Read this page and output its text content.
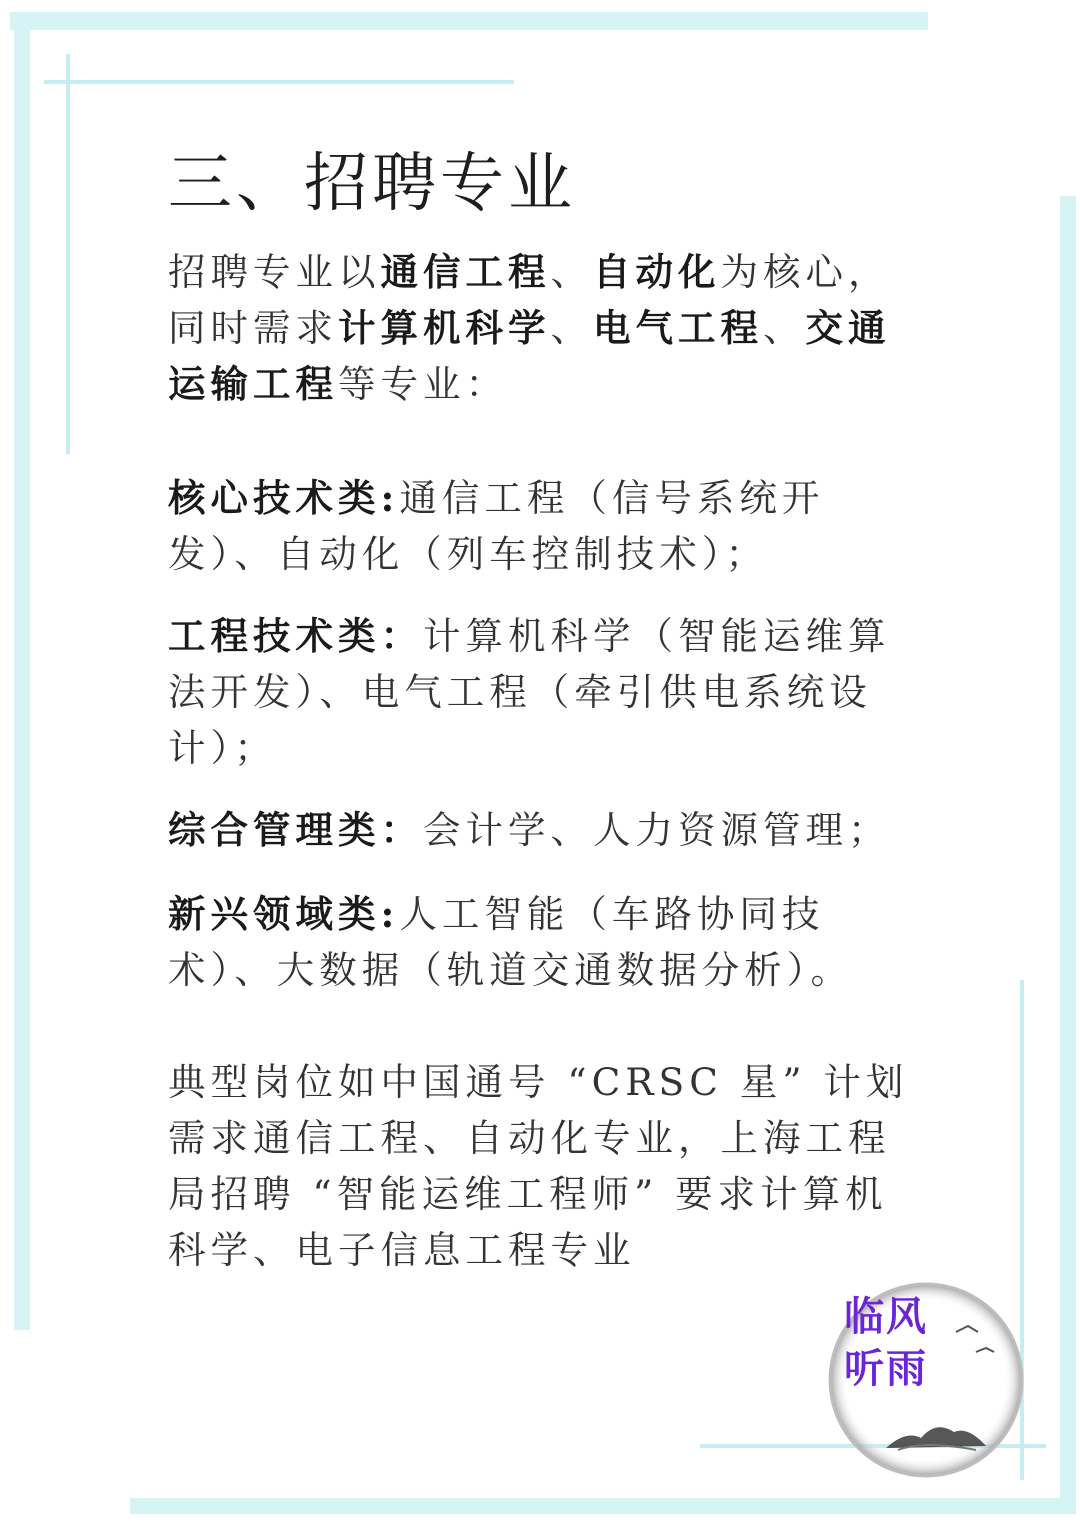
三、招聘专业

招聘专业以通信工程、自动化为核心，同时需求计算机科学、电气工程、交通运输工程等专业：

核心技术类:通信工程（信号系统开发）、自动化（列车控制技术）；

工程技术类：计算机科学（智能运维算法开发）、电气工程（牵引供电系统设计）；

综合管理类：会计学、人力资源管理；

新兴领域类:人工智能（车路协同技术）、大数据（轨道交通数据分析）。

典型岗位如中国通号 “CRSC 星” 计划需求通信工程、自动化专业，上海工程局招聘 “智能运维工程师” 要求计算机科学、电子信息工程专业

临风
听雨
